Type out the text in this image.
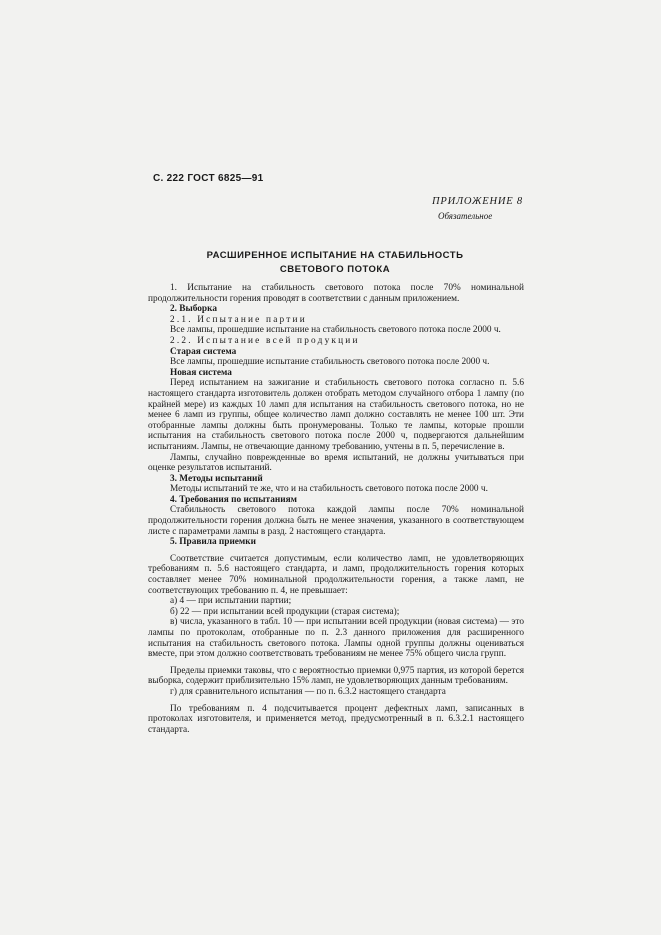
С. 222 ГОСТ 6825—91
ПРИЛОЖЕНИЕ 8
Обязательное
РАСШИРЕННОЕ ИСПЫТАНИЕ НА СТАБИЛЬНОСТЬ
СВЕТОВОГО ПОТОКА

1. Испытание на стабильность светового потока после 70% номинальной продолжительности горения проводят в соответствии с данным приложением.

2. Выборка

2.1. Испытание партии

Все лампы, прошедшие испытание на стабильность светового потока после 2000 ч.

2.2. Испытание всей продукции

Старая система

Все лампы, прошедшие испытание стабильность светового потока после 2000 ч.

Новая система

Перед испытанием на зажигание и стабильность светового потока согласно п. 5.6 настоящего стандарта изготовитель должен отобрать методом случайного отбора 1 лампу (по крайней мере) из каждых 10 ламп для испытания на стабильность светового потока, но не менее 6 ламп из группы, общее количество ламп должно составлять не менее 100 шт. Эти отобранные лампы должны быть пронумерованы. Только те лампы, которые прошли испытания на стабильность светового потока после 2000 ч, подвергаются дальнейшим испытаниям. Лампы, не отвечающие данному требованию, учтены в п. 5, перечисление в.

Лампы, случайно поврежденные во время испытаний, не должны учитываться при оценке результатов испытаний.

3. Методы испытаний

Методы испытаний те же, что и на стабильность светового потока после 2000 ч.

4. Требования по испытаниям

Стабильность светового потока каждой лампы после 70% номинальной продолжительности горения должна быть не менее значения, указанного в соответствующем листе с параметрами лампы в разд. 2 настоящего стандарта.

5. Правила приемки

Соответствие считается допустимым, если количество ламп, не удовлетворяющих требованиям п. 5.6 настоящего стандарта, и ламп, продолжительность горения которых составляет менее 70% номинальной продолжительности горения, а также ламп, не соответствующих требованию п. 4, не превышает:

а) 4 — при испытании партии;

б) 22 — при испытании всей продукции (старая система);

в) числа, указанного в табл. 10 — при испытании всей продукции (новая система) — это лампы по протоколам, отобранные по п. 2.3 данного приложения для расширенного испытания на стабильность светового потока. Лампы одной группы должны оцениваться вместе, при этом должно соответствовать требованиям не менее 75% общего числа групп.

Пределы приемки таковы, что с вероятностью приемки 0,975 партия, из которой берется выборка, содержит приблизительно 15% ламп, не удовлетворяющих данным требованиям.

г) для сравнительного испытания — по п. 6.3.2 настоящего стандарта

По требованиям п. 4 подсчитывается процент дефектных ламп, записанных в протоколах изготовителя, и применяется метод, предусмотренный в п. 6.3.2.1 настоящего стандарта.
